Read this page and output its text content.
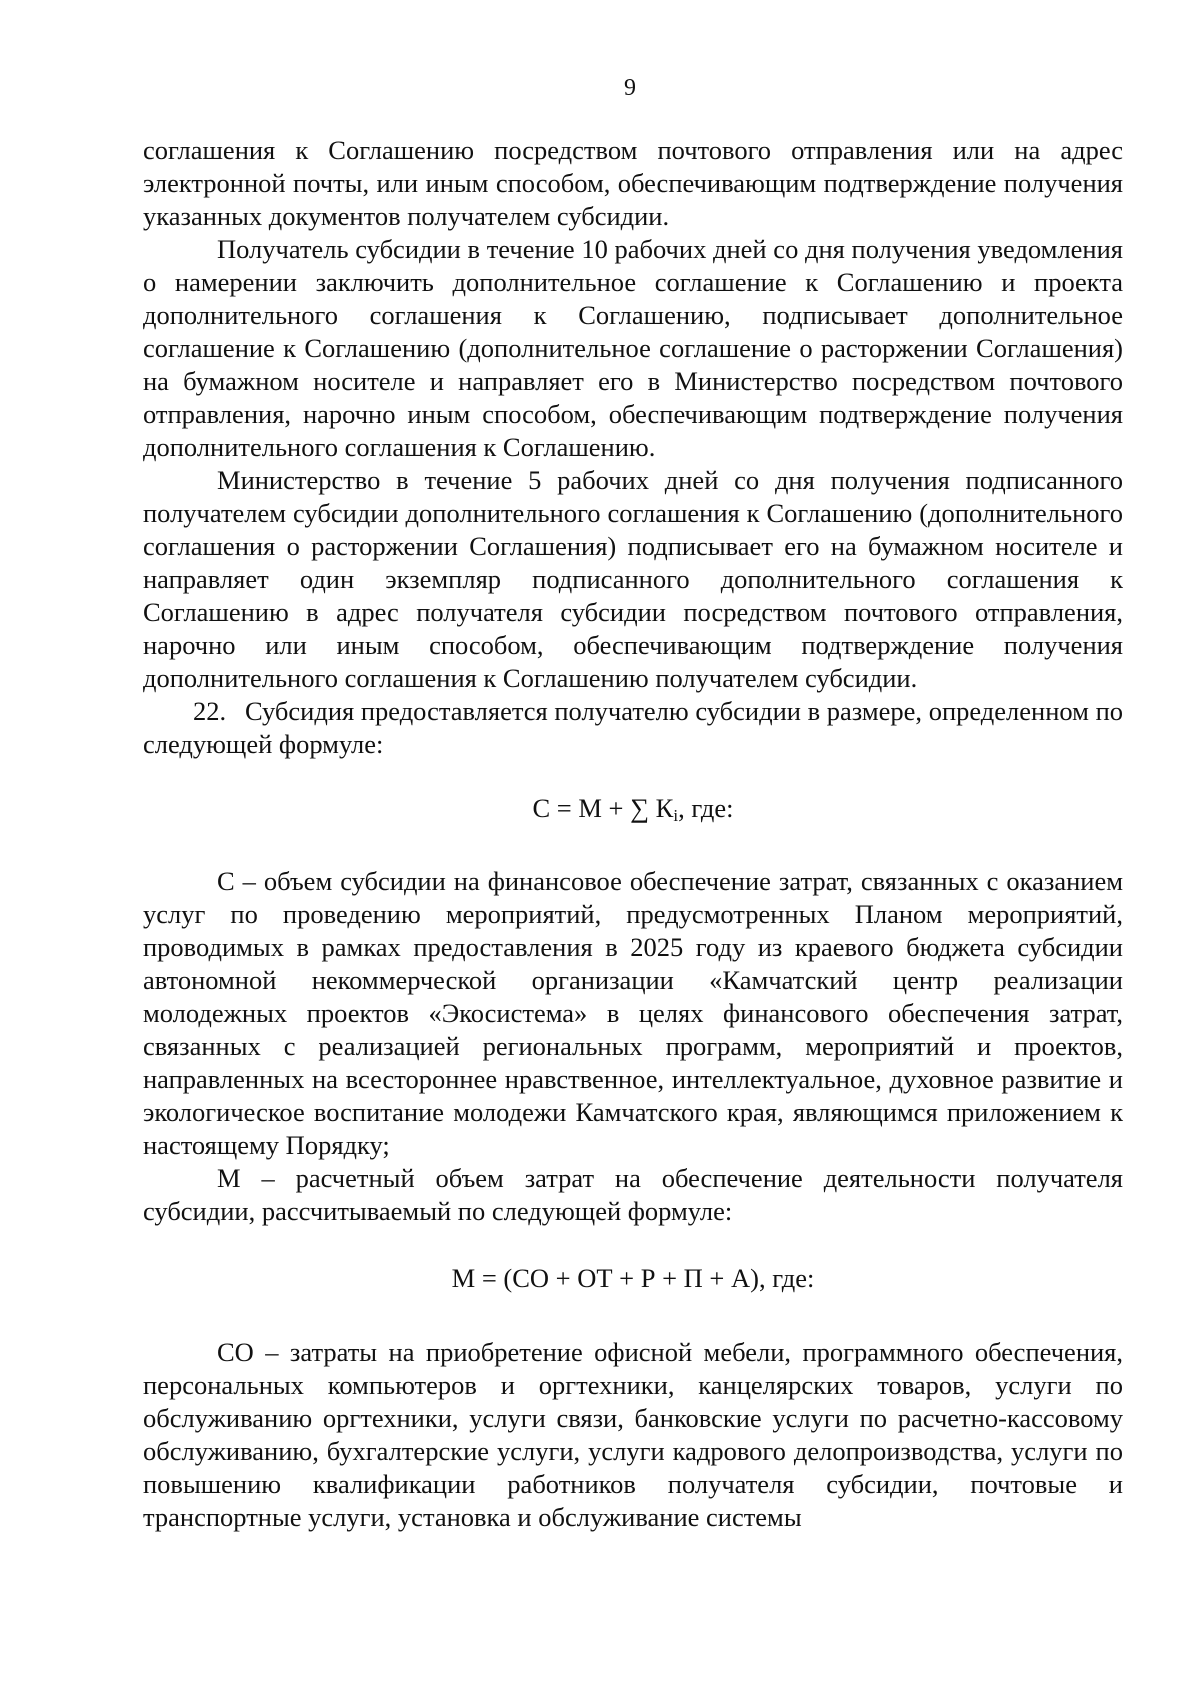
9

соглашения к Соглашению посредством почтового отправления или на адрес электронной почты, или иным способом, обеспечивающим подтверждение получения указанных документов получателем субсидии.

Получатель субсидии в течение 10 рабочих дней со дня получения уведомления о намерении заключить дополнительное соглашение к Соглашению и проекта дополнительного соглашения к Соглашению, подписывает дополнительное соглашение к Соглашению (дополнительное соглашение о расторжении Соглашения) на бумажном носителе и направляет его в Министерство посредством почтового отправления, нарочно иным способом, обеспечивающим подтверждение получения дополнительного соглашения к Соглашению.

Министерство в течение 5 рабочих дней со дня получения подписанного получателем субсидии дополнительного соглашения к Соглашению (дополнительного соглашения о расторжении Соглашения) подписывает его на бумажном носителе и направляет один экземпляр подписанного дополнительного соглашения к Соглашению в адрес получателя субсидии посредством почтового отправления, нарочно или иным способом, обеспечивающим подтверждение получения дополнительного соглашения к Соглашению получателем субсидии.

22. Субсидия предоставляется получателю субсидии в размере, определенном по следующей формуле:

С = М + ∑ $К_i$, где:

С – объем субсидии на финансовое обеспечение затрат, связанных с оказанием услуг по проведению мероприятий, предусмотренных Планом мероприятий, проводимых в рамках предоставления в 2025 году из краевого бюджета субсидии автономной некоммерческой организации «Камчатский центр реализации молодежных проектов «Экосистема» в целях финансового обеспечения затрат, связанных с реализацией региональных программ, мероприятий и проектов, направленных на всестороннее нравственное, интеллектуальное, духовное развитие и экологическое воспитание молодежи Камчатского края, являющимся приложением к настоящему Порядку;

М – расчетный объем затрат на обеспечение деятельности получателя субсидии, рассчитываемый по следующей формуле:

М = (СО + ОТ + Р + П + А), где:

СО – затраты на приобретение офисной мебели, программного обеспечения, персональных компьютеров и оргтехники, канцелярских товаров, услуги по обслуживанию оргтехники, услуги связи, банковские услуги по расчетно-кассовому обслуживанию, бухгалтерские услуги, услуги кадрового делопроизводства, услуги по повышению квалификации работников получателя субсидии, почтовые и транспортные услуги, установка и обслуживание системы
